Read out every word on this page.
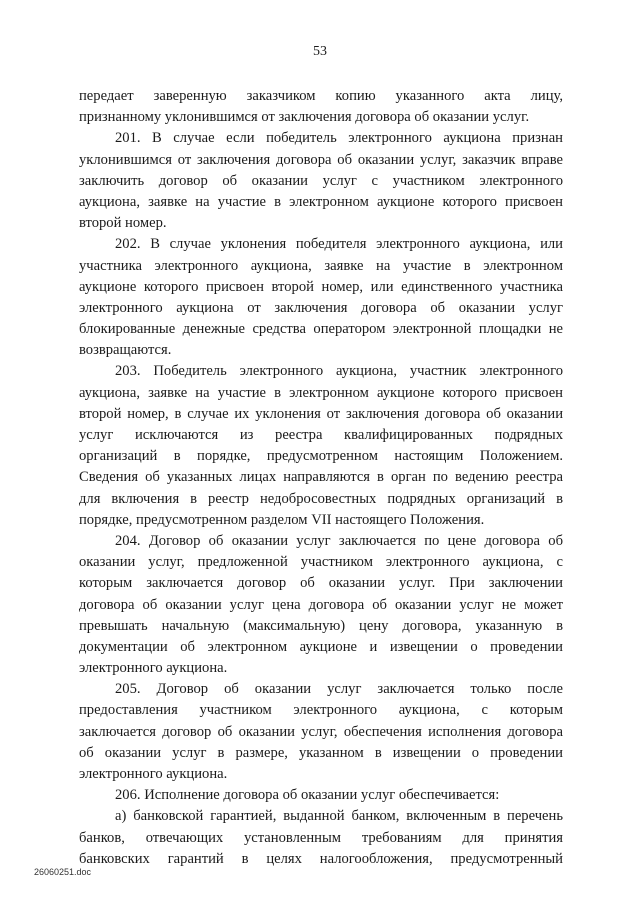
53
передает заверенную заказчиком копию указанного акта лицу,
признанному уклонившимся от заключения договора об оказании услуг.
201. В случае если победитель электронного аукциона признан
уклонившимся от заключения договора об оказании услуг, заказчик вправе
заключить договор об оказании услуг с участником электронного
аукциона, заявке на участие в электронном аукционе которого присвоен
второй номер.
202. В случае уклонения победителя электронного аукциона, или
участника электронного аукциона, заявке на участие в электронном
аукционе которого присвоен второй номер, или единственного участника
электронного аукциона от заключения договора об оказании услуг
блокированные денежные средства оператором электронной площадки не
возвращаются.
203. Победитель электронного аукциона, участник электронного
аукциона, заявке на участие в электронном аукционе которого присвоен
второй номер, в случае их уклонения от заключения договора об оказании
услуг исключаются из реестра квалифицированных подрядных
организаций в порядке, предусмотренном настоящим Положением.
Сведения об указанных лицах направляются в орган по ведению реестра
для включения в реестр недобросовестных подрядных организаций в
порядке, предусмотренном разделом VII настоящего Положения.
204. Договор об оказании услуг заключается по цене договора об
оказании услуг, предложенной участником электронного аукциона, с
которым заключается договор об оказании услуг. При заключении
договора об оказании услуг цена договора об оказании услуг не может
превышать начальную (максимальную) цену договора, указанную в
документации об электронном аукционе и извещении о проведении
электронного аукциона.
205. Договор об оказании услуг заключается только после
предоставления участником электронного аукциона, с которым
заключается договор об оказании услуг, обеспечения исполнения договора
об оказании услуг в размере, указанном в извещении о проведении
электронного аукциона.
206. Исполнение договора об оказании услуг обеспечивается:
а) банковской гарантией, выданной банком, включенным в перечень
банков, отвечающих установленным требованиям для принятия
банковских гарантий в целях налогообложения, предусмотренный
26060251.doc
